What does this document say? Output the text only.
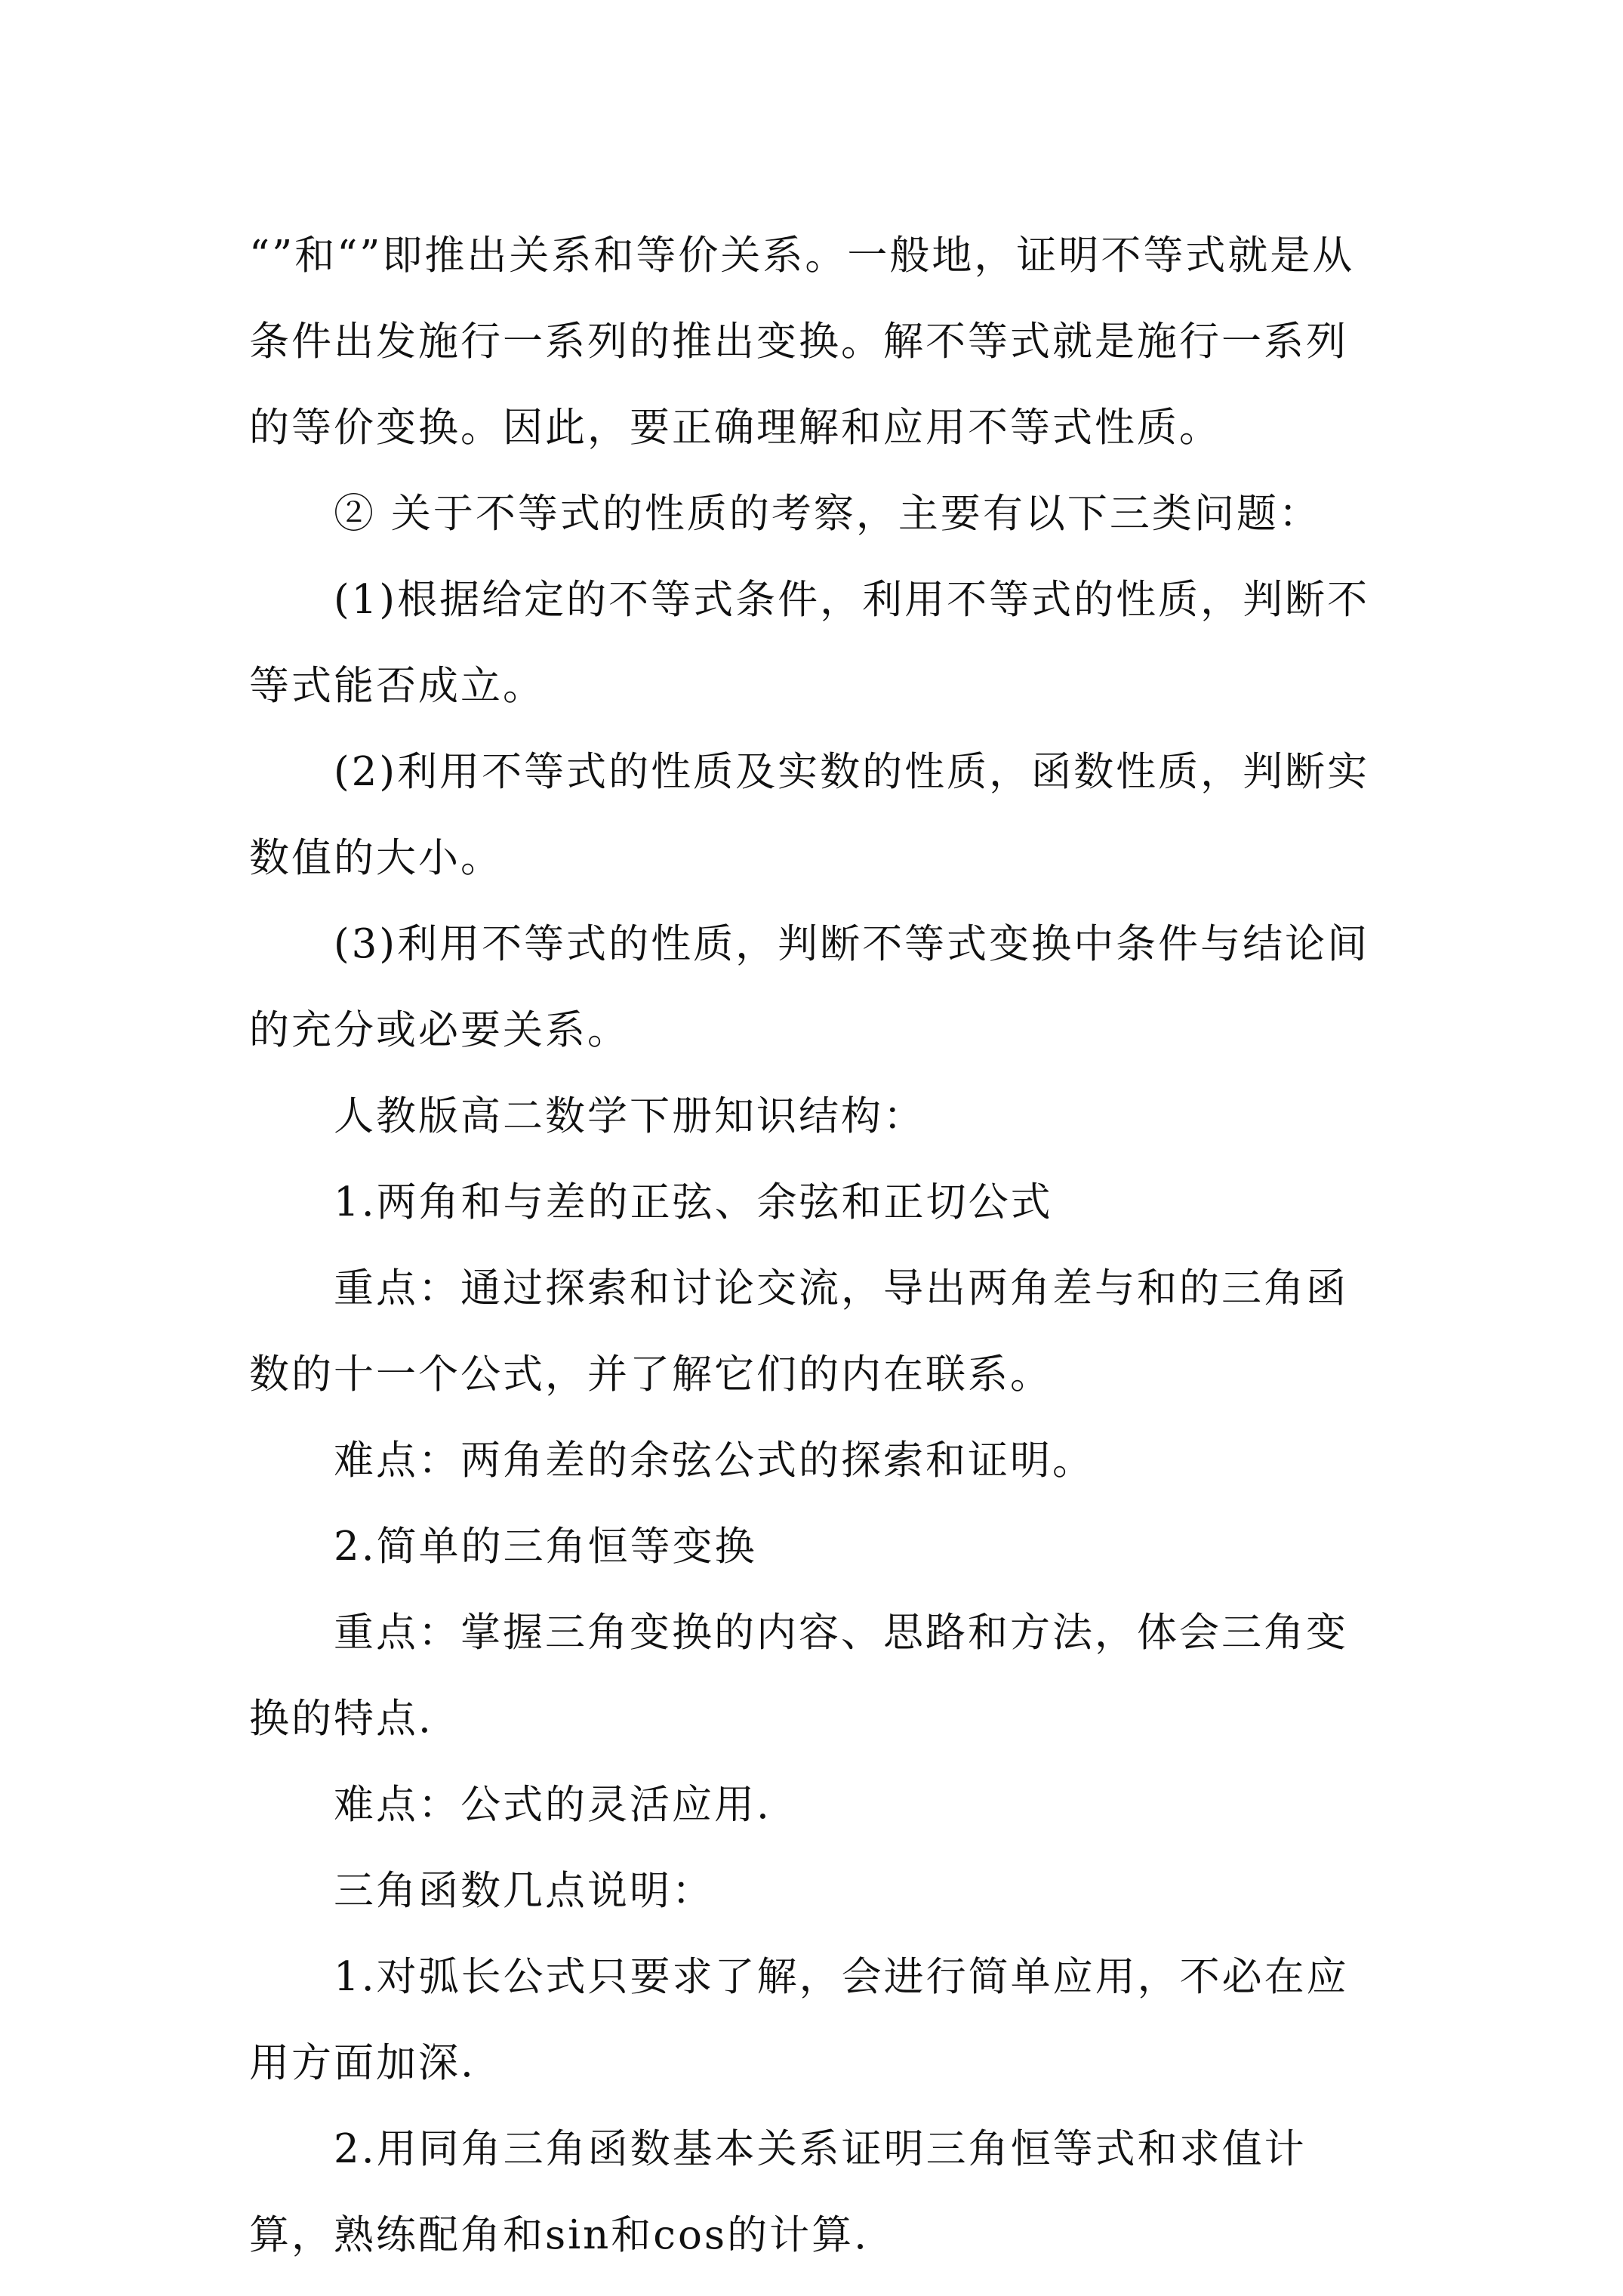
“”和“”即推出关系和等价关系。一般地，证明不等式就是从条件出发施行一系列的推出变换。解不等式就是施行一系列的等价变换。因此，要正确理解和应用不等式性质。

② 关于不等式的性质的考察，主要有以下三类问题：

(1)根据给定的不等式条件，利用不等式的性质，判断不等式能否成立。

(2)利用不等式的性质及实数的性质，函数性质，判断实数值的大小。

(3)利用不等式的性质，判断不等式变换中条件与结论间的充分或必要关系。

人教版高二数学下册知识结构：

1.两角和与差的正弦、余弦和正切公式

重点：通过探索和讨论交流，导出两角差与和的三角函数的十一个公式，并了解它们的内在联系。

难点：两角差的余弦公式的探索和证明。

2.简单的三角恒等变换

重点：掌握三角变换的内容、思路和方法，体会三角变换的特点.

难点：公式的灵活应用.

三角函数几点说明：

1.对弧长公式只要求了解，会进行简单应用，不必在应用方面加深.

2.用同角三角函数基本关系证明三角恒等式和求值计算，熟练配角和sin和cos的计算.
